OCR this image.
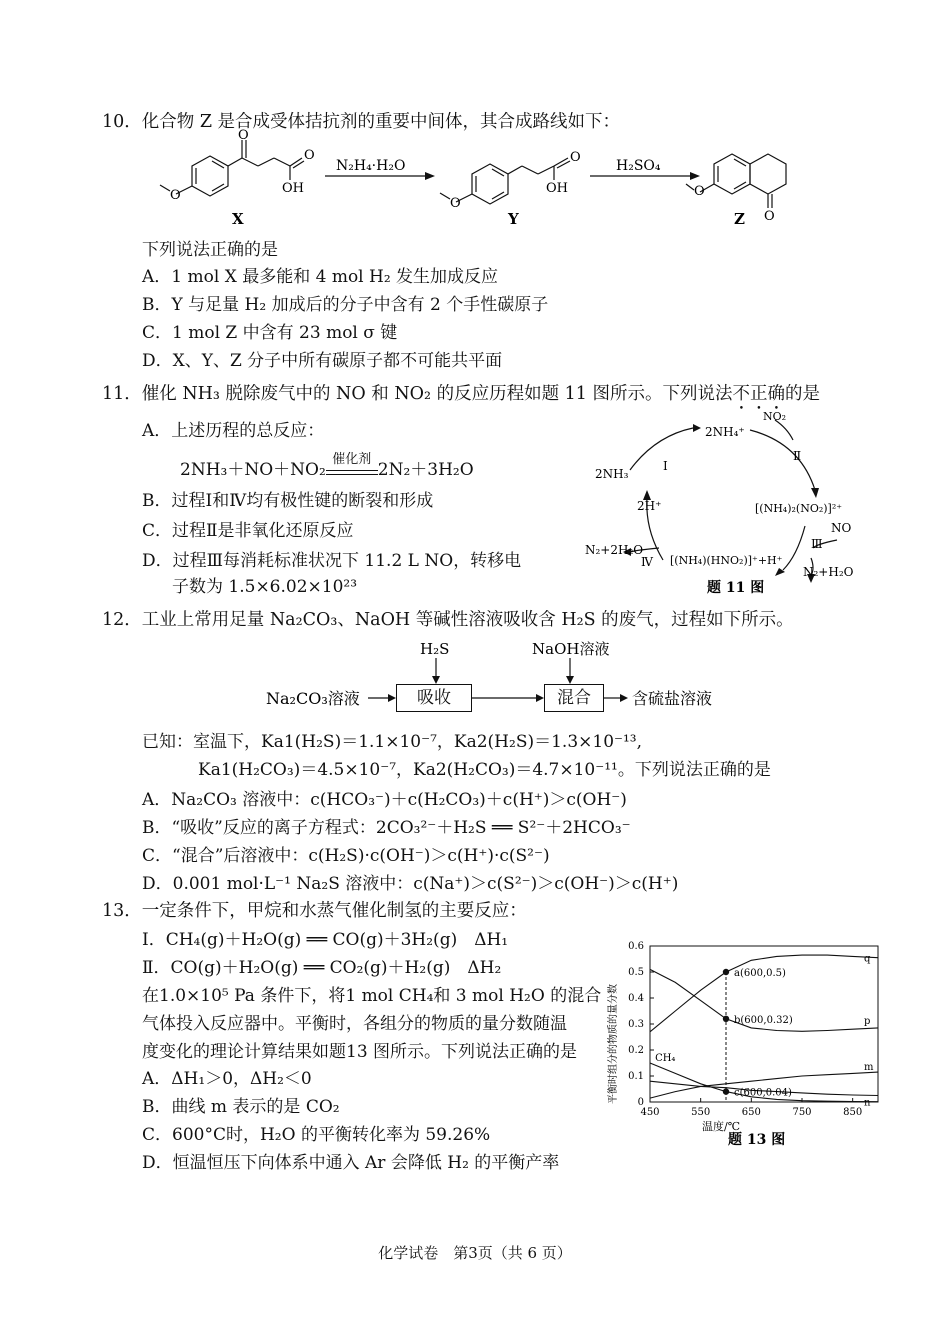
10．化合物 Z 是合成受体拮抗剂的重要中间体，其合成路线如下：
O
O
OH
O
O
OH
O
O
O
N₂H₄·H₂O	H₂SO₄
X	Y	Z
下列说法正确的是
A．1 mol X 最多能和 4 mol H₂ 发生加成反应
B．Y 与足量 H₂ 加成后的分子中含有 2 个手性碳原子
C．1 mol Z 中含有 23 mol σ 键
D．X、Y、Z 分子中所有碳原子都不可能共平面
11．催化 NH₃ 脱除废气中的 NO 和 NO₂ 的反应历程如题 11 图所示。下列说法不正确的是
A．上述历程的总反应：
2NH₃＋NO＋NO₂
催化剂
2N₂＋3H₂O
B．过程Ⅰ和Ⅳ均有极性键的断裂和形成
C．过程Ⅱ是非氧化还原反应
D．过程Ⅲ每消耗标准状况下 11.2 L NO，转移电
子数为 1.5×6.02×10²³
2NH₄⁺
NO₂
2NH₃
2H⁺	[(NH₄)₂(NO₂)]²⁺
NO
N₂+H₂O
N₂+2H₂O
[(NH₄)(HNO₂)]⁺+H⁺
Ⅰ
Ⅱ
Ⅲ
Ⅳ
题 11 图
12．工业上常用足量 Na₂CO₃、NaOH 等碱性溶液吸收含 H₂S 的废气，过程如下所示。
H₂S	NaOH溶液
Na₂CO₃溶液	含硫盐溶液
吸收	混合
已知：室温下，Ka1(H₂S)＝1.1×10⁻⁷，Ka2(H₂S)＝1.3×10⁻¹³,
Ka1(H₂CO₃)＝4.5×10⁻⁷，Ka2(H₂CO₃)＝4.7×10⁻¹¹。下列说法正确的是
A．Na₂CO₃ 溶液中：c(HCO₃⁻)＋c(H₂CO₃)＋c(H⁺)＞c(OH⁻)
B．“吸收”反应的离子方程式：2CO₃²⁻＋H₂S ══ S²⁻＋2HCO₃⁻
C．“混合”后溶液中：c(H₂S)·c(OH⁻)＞c(H⁺)·c(S²⁻)
D．0.001 mol·L⁻¹ Na₂S 溶液中：c(Na⁺)＞c(S²⁻)＞c(OH⁻)＞c(H⁺)
13．一定条件下，甲烷和水蒸气催化制氢的主要反应：
Ⅰ．CH₄(g)＋H₂O(g) ══ CO(g)＋3H₂(g)　ΔH₁
Ⅱ．CO(g)＋H₂O(g) ══ CO₂(g)＋H₂(g)　ΔH₂
在1.0×10⁵ Pa 条件下，将1 mol CH₄和 3 mol H₂O 的混合
气体投入反应器中。平衡时，各组分的物质的量分数随温
度变化的理论计算结果如题13 图所示。下列说法正确的是
A．ΔH₁＞0，ΔH₂＜0
B．曲线 m 表示的是 CO₂
C．600°C时，H₂O 的平衡转化率为 59.26%
D．恒温恒压下向体系中通入 Ar 会降低 H₂ 的平衡产率
温度/℃
平衡时组分的物质的量分数
题 13 图
0
0.1
0.2
0.3
0.4
0.5
0.6
450	550	650	750	850
q
p
CH₄
m
n
a(600,0.5)
b(600,0.32)
c(600,0.04)
化学试卷　第3页（共 6 页）
